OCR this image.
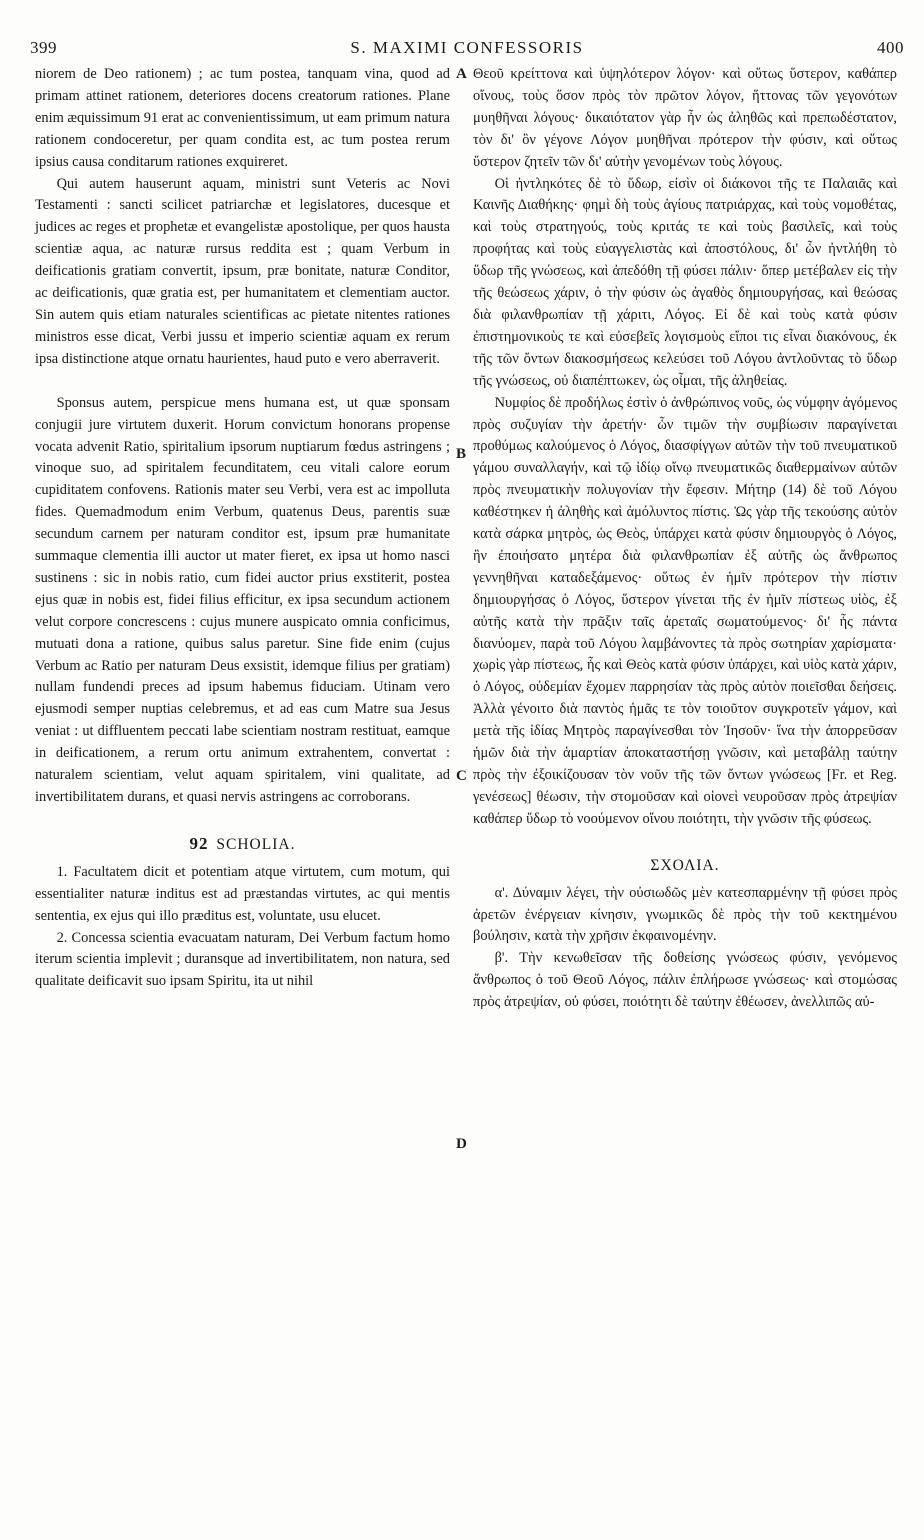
399	S. MAXIMI CONFESSORIS	400
A
B
C
D

niorem de Deo rationem) ; ac tum postea, tanquam vina, quod ad primam attinet rationem, deteriores docens creatorum rationes. Plane enim æquissimum 91 erat ac convenientissimum, ut eam primum natura rationem condoceretur, per quam condita est, ac tum postea rerum ipsius causa conditarum rationes exquireret.

Qui autem hauserunt aquam, ministri sunt Veteris ac Novi Testamenti : sancti scilicet patriarchæ et legislatores, ducesque et judices ac reges et prophetæ et evangelistæ apostolique, per quos hausta scientiæ aqua, ac naturæ rursus reddita est ; quam Verbum in deificationis gratiam convertit, ipsum, præ bonitate, naturæ Conditor, ac deificationis, quæ gratia est, per humanitatem et clementiam auctor. Sin autem quis etiam naturales scientificas ac pietate nitentes rationes ministros esse dicat, Verbi jussu et imperio scientiæ aquam ex rerum ipsa distinctione atque ornatu haurientes, haud puto e vero aberraverit.

Sponsus autem, perspicue mens humana est, ut quæ sponsam conjugii jure virtutem duxerit. Horum convictum honorans propense vocata advenit Ratio, spiritalium ipsorum nuptiarum fœdus astringens ; vinoque suo, ad spiritalem fecunditatem, ceu vitali calore eorum cupiditatem confovens. Rationis mater seu Verbi, vera est ac impolluta fides. Quemadmodum enim Verbum, quatenus Deus, parentis suæ secundum carnem per naturam conditor est, ipsum præ humanitate summaque clementia illi auctor ut mater fieret, ex ipsa ut homo nasci sustinens : sic in nobis ratio, cum fidei auctor prius exstiterit, postea ejus quæ in nobis est, fidei filius efficitur, ex ipsa secundum actionem velut corpore concrescens : cujus munere auspicato omnia conficimus, mutuati dona a ratione, quibus salus paretur. Sine fide enim (cujus Verbum ac Ratio per naturam Deus exsistit, idemque filius per gratiam) nullam fundendi preces ad ipsum habemus fiduciam. Utinam vero ejusmodi semper nuptias celebremus, et ad eas cum Matre sua Jesus veniat : ut diffluentem peccati labe scientiam nostram restituat, eamque in deificationem, a rerum ortu animum extrahentem, convertat : naturalem scientiam, velut aquam spiritalem, vini qualitate, ad invertibilitatem durans, et quasi nervis astringens ac corroborans.

92 SCHOLIA.

1. Facultatem dicit et potentiam atque virtutem, cum motum, qui essentialiter naturæ inditus est ad præstandas virtutes, ac qui mentis sententia, ex ejus qui illo præditus est, voluntate, usu elucet.

2. Concessa scientia evacuatam naturam, Dei Verbum factum homo iterum scientia implevit ; duransque ad invertibilitatem, non natura, sed qualitate deificavit suo ipsam Spiritu, ita ut nihil

Θεοῦ κρείττονα καὶ ὑψηλότερον λόγον· καὶ οὕτως ὕστερον, καθάπερ οἴνους, τοὺς ὅσον πρὸς τὸν πρῶτον λόγον, ἥττονας τῶν γεγονότων μυηθῆναι λόγους· δικαιότατον γὰρ ἦν ὡς ἀληθῶς καὶ πρεπωδέστατον, τὸν δι' ὃν γέγονε Λόγον μυηθῆναι πρότερον τὴν φύσιν, καὶ οὕτως ὕστερον ζητεῖν τῶν δι' αὐτὴν γενομένων τοὺς λόγους.

Οἱ ἠντληκότες δὲ τὸ ὕδωρ, εἰσὶν οἱ διάκονοι τῆς τε Παλαιᾶς καὶ Καινῆς Διαθήκης· φημὶ δὴ τοὺς ἁγίους πατριάρχας, καὶ τοὺς νομοθέτας, καὶ τοὺς στρατηγούς, τοὺς κριτάς τε καὶ τοὺς βασιλεῖς, καὶ τοὺς προφήτας καὶ τοὺς εὐαγγελιστὰς καὶ ἀποστόλους, δι' ὧν ἠντλήθη τὸ ὕδωρ τῆς γνώσεως, καὶ ἀπεδόθη τῇ φύσει πάλιν· ὅπερ μετέβαλεν εἰς τὴν τῆς θεώσεως χάριν, ὁ τὴν φύσιν ὡς ἀγαθὸς δημιουργήσας, καὶ θεώσας διὰ φιλανθρωπίαν τῇ χάριτι, Λόγος. Εἰ δὲ καὶ τοὺς κατὰ φύσιν ἐπιστημονικοὺς τε καὶ εὐσεβεῖς λογισμοὺς εἴποι τις εἶναι διακόνους, ἐκ τῆς τῶν ὄντων διακοσμήσεως κελεύσει τοῦ Λόγου ἀντλοῦντας τὸ ὕδωρ τῆς γνώσεως, οὐ διαπέπτωκεν, ὡς οἶμαι, τῆς ἀληθείας.

Νυμφίος δὲ προδήλως ἐστὶν ὁ ἀνθρώπινος νοῦς, ὡς νύμφην ἀγόμενος πρὸς συζυγίαν τὴν ἀρετήν· ὧν τιμῶν τὴν συμβίωσιν παραγίνεται προθύμως καλούμενος ὁ Λόγος, διασφίγγων αὐτῶν τὴν τοῦ πνευματικοῦ γάμου συναλλαγήν, καὶ τῷ ἰδίῳ οἴνῳ πνευματικῶς διαθερμαίνων αὐτῶν πρὸς πνευματικὴν πολυγονίαν τὴν ἔφεσιν. Μήτηρ (14) δὲ τοῦ Λόγου καθέστηκεν ἡ ἀληθὴς καὶ ἀμόλυντος πίστις. Ὡς γὰρ τῆς τεκούσης αὐτὸν κατὰ σάρκα μητρὸς, ὡς Θεὸς, ὑπάρχει κατὰ φύσιν δημιουργὸς ὁ Λόγος, ἣν ἐποιήσατο μητέρα διὰ φιλανθρωπίαν ἐξ αὐτῆς ὡς ἄνθρωπος γεννηθῆναι καταδεξάμενος· οὕτως ἐν ἡμῖν πρότερον τὴν πίστιν δημιουργήσας ὁ Λόγος, ὕστερον γίνεται τῆς ἐν ἡμῖν πίστεως υἱὸς, ἐξ αὐτῆς κατὰ τὴν πρᾶξιν ταῖς ἀρεταῖς σωματούμενος· δι' ἧς πάντα διανύομεν, παρὰ τοῦ Λόγου λαμβάνοντες τὰ πρὸς σωτηρίαν χαρίσματα· χωρὶς γὰρ πίστεως, ἧς καὶ Θεὸς κατὰ φύσιν ὑπάρχει, καὶ υἱὸς κατὰ χάριν, ὁ Λόγος, οὐδεμίαν ἔχομεν παρρησίαν τὰς πρὸς αὐτὸν ποιεῖσθαι δεήσεις. Ἀλλὰ γένοιτο διὰ παντὸς ἡμᾶς τε τὸν τοιοῦτον συγκροτεῖν γάμον, καὶ μετὰ τῆς ἰδίας Μητρὸς παραγίνεσθαι τὸν Ἰησοῦν· ἵνα τὴν ἀπορρεῦσαν ἡμῶν διὰ τὴν ἁμαρτίαν ἀποκαταστήσῃ γνῶσιν, καὶ μεταβάλῃ ταύτην πρὸς τὴν ἐξοικίζουσαν τὸν νοῦν τῆς τῶν ὄντων γνώσεως [Fr. et Reg. γενέσεως] θέωσιν, τὴν στομοῦσαν καὶ οἱονεὶ νευροῦσαν πρὸς ἀτρεψίαν καθάπερ ὕδωρ τὸ νοούμενον οἴνου ποιότητι, τὴν γνῶσιν τῆς φύσεως.

ΣΧΟΛΙΑ.

α'. Δύναμιν λέγει, τὴν οὐσιωδῶς μὲν κατεσπαρμένην τῇ φύσει πρὸς ἀρετῶν ἐνέργειαν κίνησιν, γνωμικῶς δὲ πρὸς τὴν τοῦ κεκτημένου βούλησιν, κατὰ τὴν χρῆσιν ἐκφαινομένην.

β'. Τὴν κενωθεῖσαν τῆς δοθείσης γνώσεως φύσιν, γενόμενος ἄνθρωπος ὁ τοῦ Θεοῦ Λόγος, πάλιν ἐπλήρωσε γνώσεως· καὶ στομώσας πρὸς ἀτρεψίαν, οὐ φύσει, ποιότητι δὲ ταύτην ἐθέωσεν, ἀνελλιπῶς αὐ-
